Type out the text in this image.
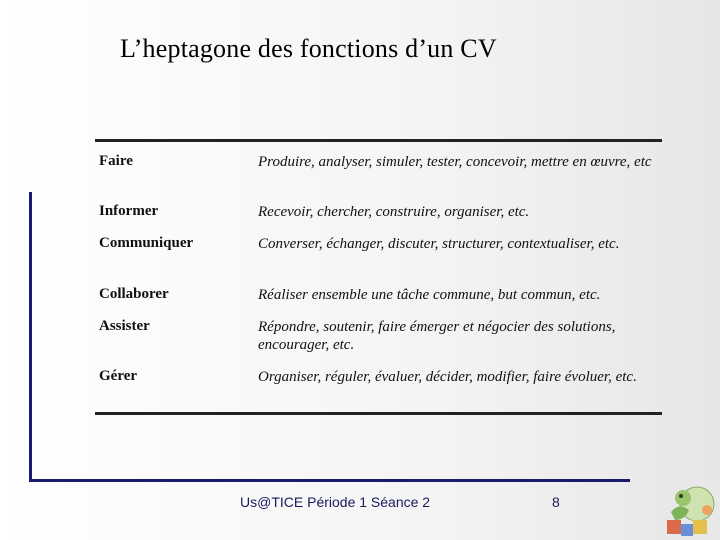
L’heptagone des fonctions d’un CV
Faire	Produire, analyser, simuler, tester, concevoir, mettre en œuvre, etc
Informer	Recevoir, chercher, construire, organiser, etc.
Communiquer	Converser, échanger, discuter, structurer, contextualiser, etc.
Collaborer	Réaliser ensemble une tâche commune, but commun, etc.
Assister	Répondre, soutenir, faire émerger et négocier des solutions, encourager, etc.
Gérer	Organiser, réguler, évaluer, décider, modifier, faire évoluer, etc.
Us@TICE Période 1 Séance 2	8
